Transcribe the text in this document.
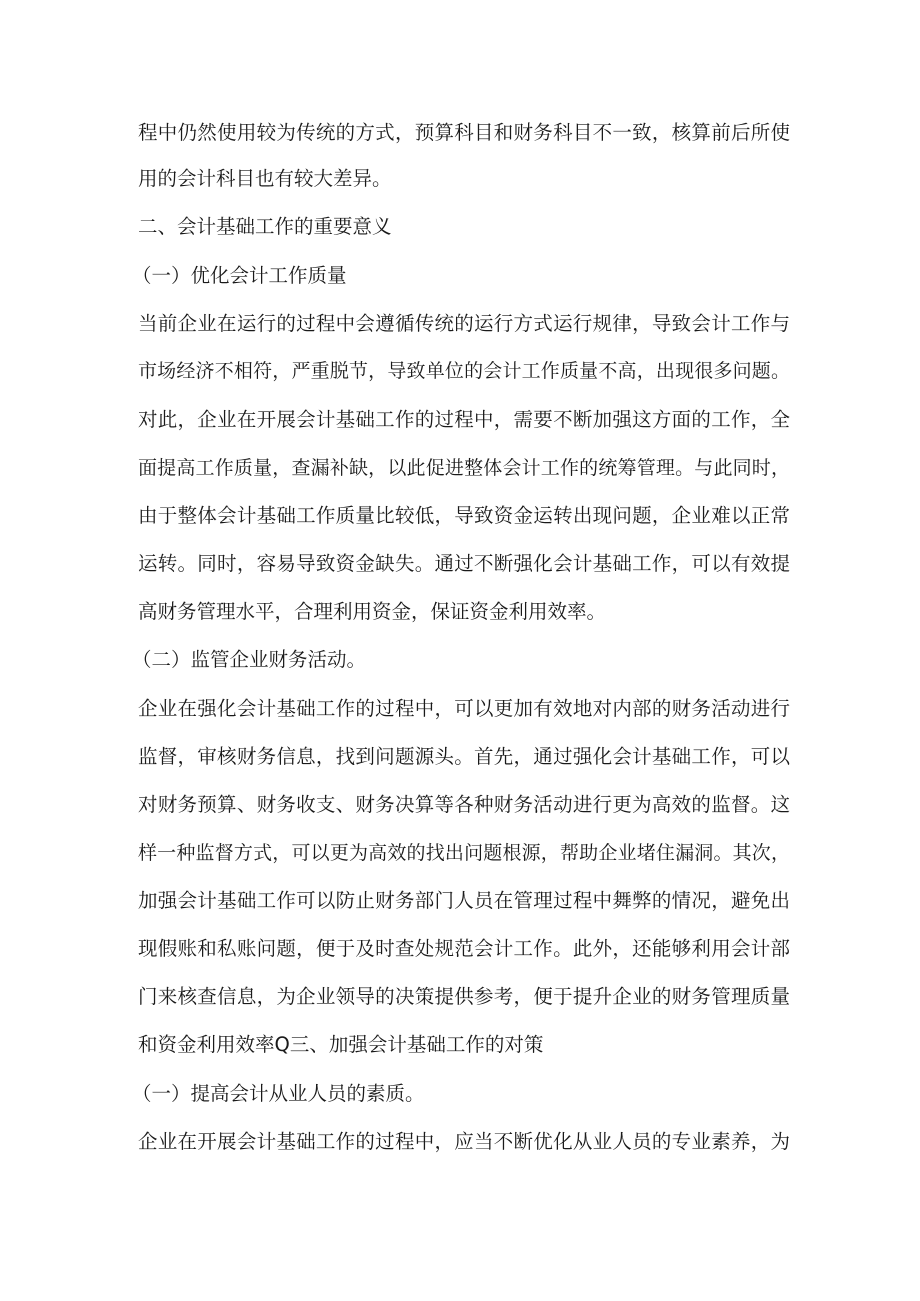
程中仍然使用较为传统的方式，预算科目和财务科目不一致，核算前后所使
用的会计科目也有较大差异。
二、会计基础工作的重要意义
（一）优化会计工作质量
当前企业在运行的过程中会遵循传统的运行方式运行规律，导致会计工作与
市场经济不相符，严重脱节，导致单位的会计工作质量不高，出现很多问题。
对此，企业在开展会计基础工作的过程中，需要不断加强这方面的工作，全
面提高工作质量，查漏补缺，以此促进整体会计工作的统筹管理。与此同时，
由于整体会计基础工作质量比较低，导致资金运转出现问题，企业难以正常
运转。同时，容易导致资金缺失。通过不断强化会计基础工作，可以有效提
高财务管理水平，合理利用资金，保证资金利用效率。
（二）监管企业财务活动。
企业在强化会计基础工作的过程中，可以更加有效地对内部的财务活动进行
监督，审核财务信息，找到问题源头。首先，通过强化会计基础工作，可以
对财务预算、财务收支、财务决算等各种财务活动进行更为高效的监督。这
样一种监督方式，可以更为高效的找出问题根源，帮助企业堵住漏洞。其次，
加强会计基础工作可以防止财务部门人员在管理过程中舞弊的情况，避免出
现假账和私账问题，便于及时查处规范会计工作。此外，还能够利用会计部
门来核查信息，为企业领导的决策提供参考，便于提升企业的财务管理质量
和资金利用效率Q三、加强会计基础工作的对策
（一）提高会计从业人员的素质。
企业在开展会计基础工作的过程中，应当不断优化从业人员的专业素养，为
